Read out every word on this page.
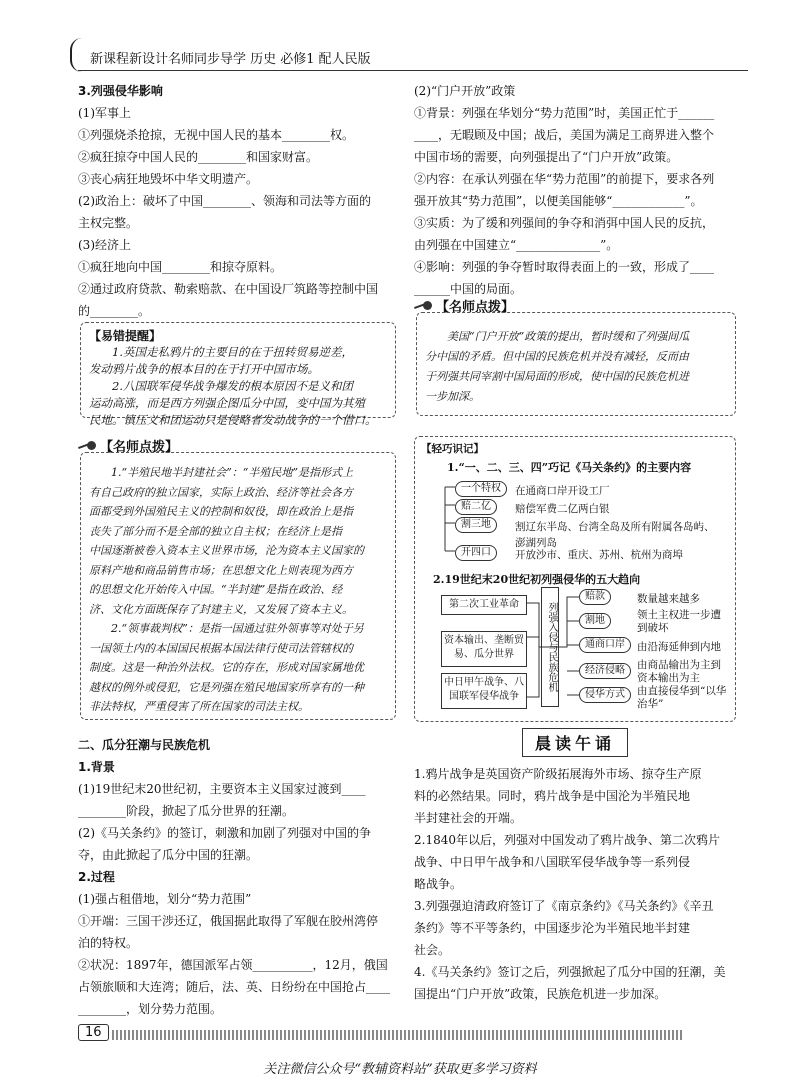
新课程新设计名师同步导学 历史 必修1 配人民版

3.列强侵华影响

(1)军事上

①列强烧杀抢掠，无视中国人民的基本________权。

②疯狂掠夺中国人民的________和国家财富。

③丧心病狂地毁坏中华文明遗产。

(2)政治上：破坏了中国________、领海和司法等方面的

主权完整。

(3)经济上

①疯狂地向中国________和掠夺原料。

②通过政府贷款、勒索赔款、在中国设厂筑路等控制中国

的________。

【易错提醒】

1.英国走私鸦片的主要目的在于扭转贸易逆差，

发动鸦片战争的根本目的在于打开中国市场。

2.八国联军侵华战争爆发的根本原因不是义和团

运动高涨，而是西方列强企图瓜分中国，变中国为其殖

民地。镇压义和团运动只是侵略者发动战争的一个借口。

【名师点拨】

1.“半殖民地半封建社会”：“半殖民地”是指形式上

有自己政府的独立国家，实际上政治、经济等社会各方

面都受到外国殖民主义的控制和奴役，即在政治上是指

丧失了部分而不是全部的独立自主权；在经济上是指

中国逐渐被卷入资本主义世界市场，沦为资本主义国家的

原料产地和商品销售市场；在思想文化上则表现为西方

的思想文化开始传入中国。“半封建”是指在政治、经

济、文化方面既保存了封建主义，又发展了资本主义。

2.“领事裁判权”：是指一国通过驻外领事等对处于另

一国领土内的本国国民根据本国法律行使司法管辖权的

制度。这是一种治外法权。它的存在，形成对国家属地优

越权的例外或侵犯，它是列强在殖民地国家所享有的一种

非法特权，严重侵害了所在国家的司法主权。

二、瓜分狂潮与民族危机

1.背景

(1)19世纪末20世纪初，主要资本主义国家过渡到____

________阶段，掀起了瓜分世界的狂潮。

(2)《马关条约》的签订，刺激和加剧了列强对中国的争

夺，由此掀起了瓜分中国的狂潮。

2.过程

(1)强占租借地，划分“势力范围”

①开端：三国干涉还辽，俄国据此取得了军舰在胶州湾停

泊的特权。

②状况：1897年，德国派军占领__________，12月，俄国

占领旅顺和大连湾；随后，法、英、日纷纷在中国抢占____

________，划分势力范围。

(2)“门户开放”政策

①背景：列强在华划分“势力范围”时，美国正忙于______

____，无暇顾及中国；战后，美国为满足工商界进入整个

中国市场的需要，向列强提出了“门户开放”政策。

②内容：在承认列强在华“势力范围”的前提下，要求各列

强开放其“势力范围”，以便美国能够“____________”。

③实质：为了缓和列强间的争夺和消弭中国人民的反抗，

由列强在中国建立“______________”。

④影响：列强的争夺暂时取得表面上的一致，形成了____

______中国的局面。

【名师点拨】

美国“门户开放”政策的提出，暂时缓和了列强间瓜

分中国的矛盾。但中国的民族危机并没有减轻，反而由

于列强共同宰割中国局面的形成，使中国的民族危机进

一步加深。

【轻巧识记】
1.“一、二、三、四”巧记《马关条约》的主要内容
一个特权	在通商口岸开设工厂
赔二亿	赔偿军费二亿两白银
割三地	割辽东半岛、台湾全岛及所有附属各岛屿、澎湖列岛
开四口	开放沙市、重庆、苏州、杭州为商埠
2.19世纪末20世纪初列强侵华的五大趋向
第二次工业革命
资本输出、垄断贸易、瓜分世界
中日甲午战争、八国联军侵华战争
列强入侵与民族危机
赔款	数量越来越多
割地	领土主权进一步遭到破坏
通商口岸	由沿海延伸到内地
经济侵略	由商品输出为主到资本输出为主
侵华方式	由直接侵华到“以华治华”
晨读午诵

1.鸦片战争是英国资产阶级拓展海外市场、掠夺生产原

料的必然结果。同时，鸦片战争是中国沦为半殖民地

半封建社会的开端。

2.1840年以后，列强对中国发动了鸦片战争、第二次鸦片

战争、中日甲午战争和八国联军侵华战争等一系列侵

略战争。

3.列强强迫清政府签订了《南京条约》《马关条约》《辛丑

条约》等不平等条约，中国逐步沦为半殖民地半封建

社会。

4.《马关条约》签订之后，列强掀起了瓜分中国的狂潮，美

国提出“门户开放”政策，民族危机进一步加深。

16
关注微信公众号“教辅资料站”获取更多学习资料
